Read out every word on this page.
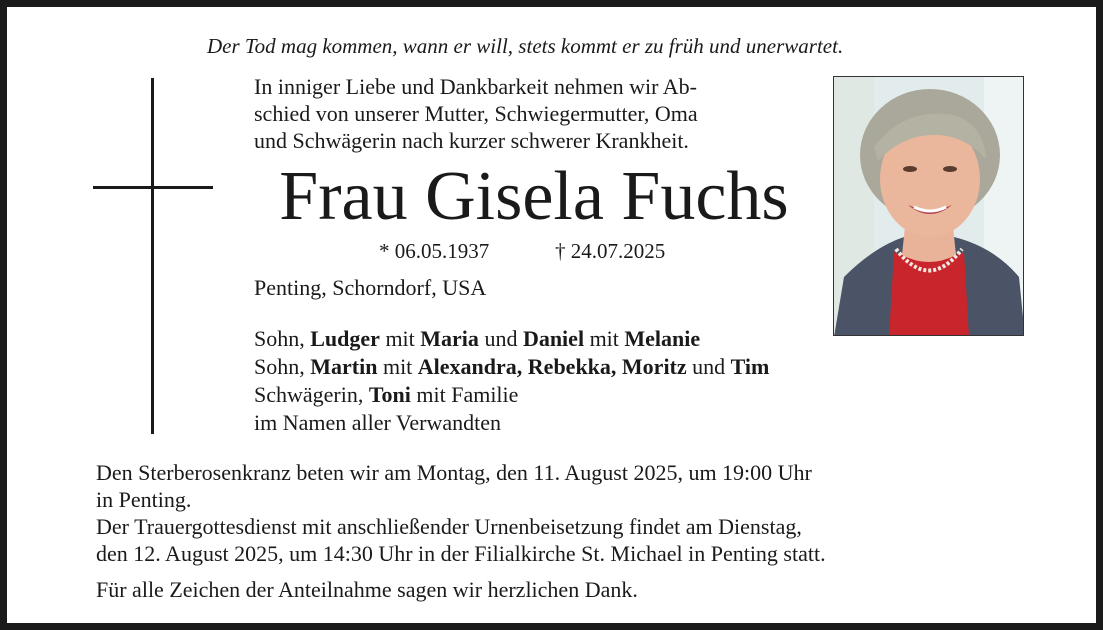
Der Tod mag kommen, wann er will, stets kommt er zu früh und unerwartet.
In inniger Liebe und Dankbarkeit nehmen wir Ab-
schied von unserer Mutter, Schwiegermutter, Oma
und Schwägerin nach kurzer schwerer Krankheit.
Frau Gisela Fuchs
* 06.05.1937	† 24.07.2025
Penting, Schorndorf, USA
Sohn, Ludger mit Maria und Daniel mit Melanie
Sohn, Martin mit Alexandra, Rebekka, Moritz und Tim
Schwägerin, Toni mit Familie
im Namen aller Verwandten
Den Sterberosenkranz beten wir am Montag, den 11. August 2025, um 19:00 Uhr
in Penting.
Der Trauergottesdienst mit anschließender Urnenbeisetzung findet am Dienstag,
den 12. August 2025, um 14:30 Uhr in der Filialkirche St. Michael in Penting statt.
Für alle Zeichen der Anteilnahme sagen wir herzlichen Dank.
